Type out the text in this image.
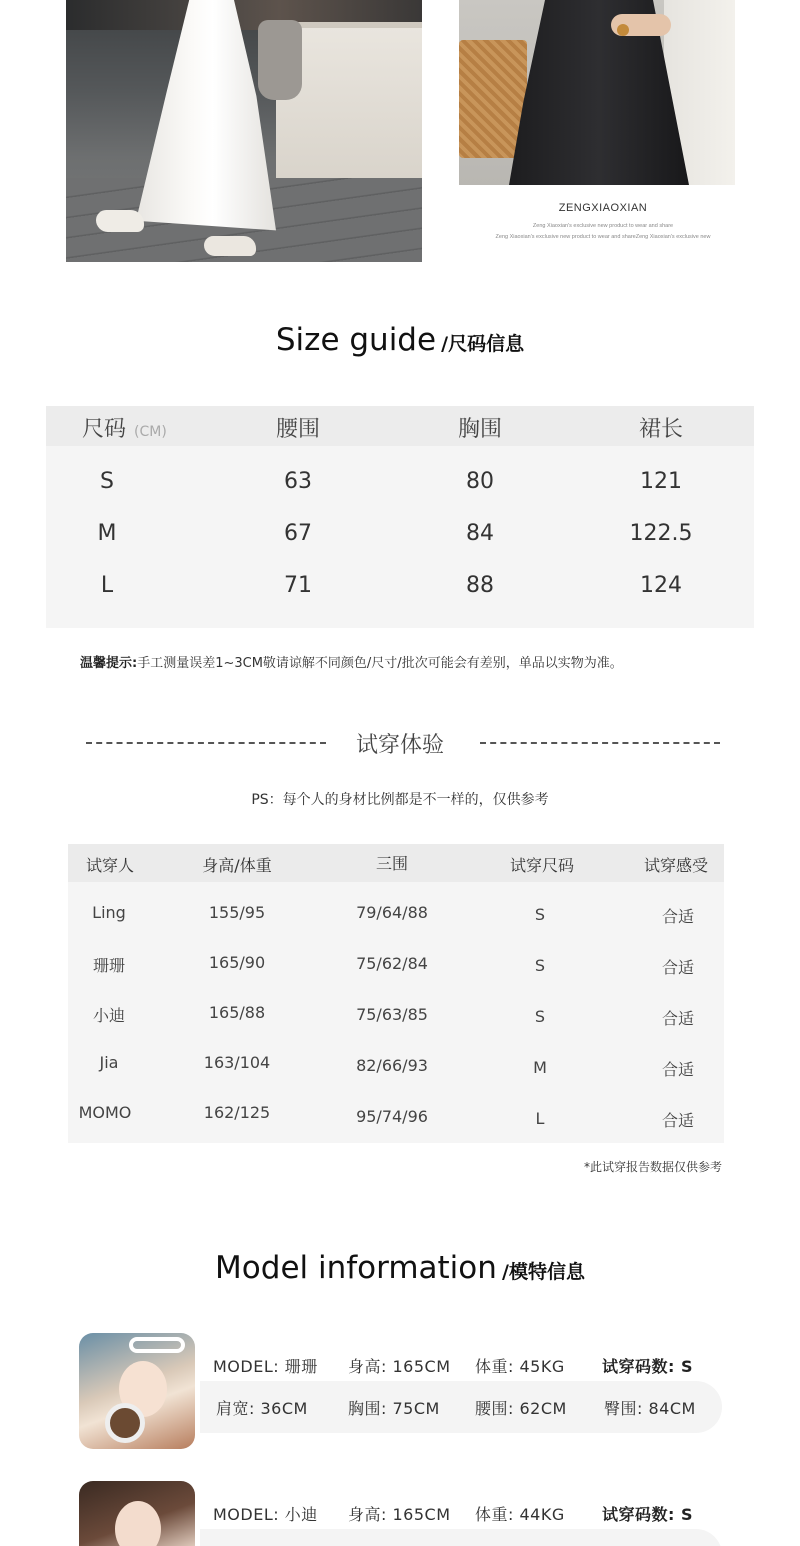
ZENGXIAOXIAN
Zeng Xiaoxian's exclusive new product to wear and share
Zeng Xiaoxian's exclusive new product to wear and shareZeng Xiaoxian's exclusive new
Size guide /尺码信息
尺码 (CM)	腰围	胸围	裙长
S	63	80	121
M	67	84	122.5
L	71	88	124
温馨提示:手工测量误差1~3CM敬请谅解不同颜色/尺寸/批次可能会有差别，单品以实物为准。
试穿体验
PS：每个人的身材比例都是不一样的，仅供参考
试穿人	身高/体重	三围	试穿尺码	试穿感受
Ling	155/95	79/64/88	S	合适
珊珊	165/90	75/62/84	S	合适
小迪	165/88	75/63/85	S	合适
Jia	163/104	82/66/93	M	合适
MOMO	162/125	95/74/96	L	合适
*此试穿报告数据仅供参考
Model information /模特信息
MODEL: 珊珊 身高: 165CM 体重: 45KG 试穿码数: S
肩宽: 36CM	胸围: 75CM 腰围: 62CM 臀围: 84CM
MODEL: 小迪 身高: 165CM 体重: 44KG 试穿码数: S
